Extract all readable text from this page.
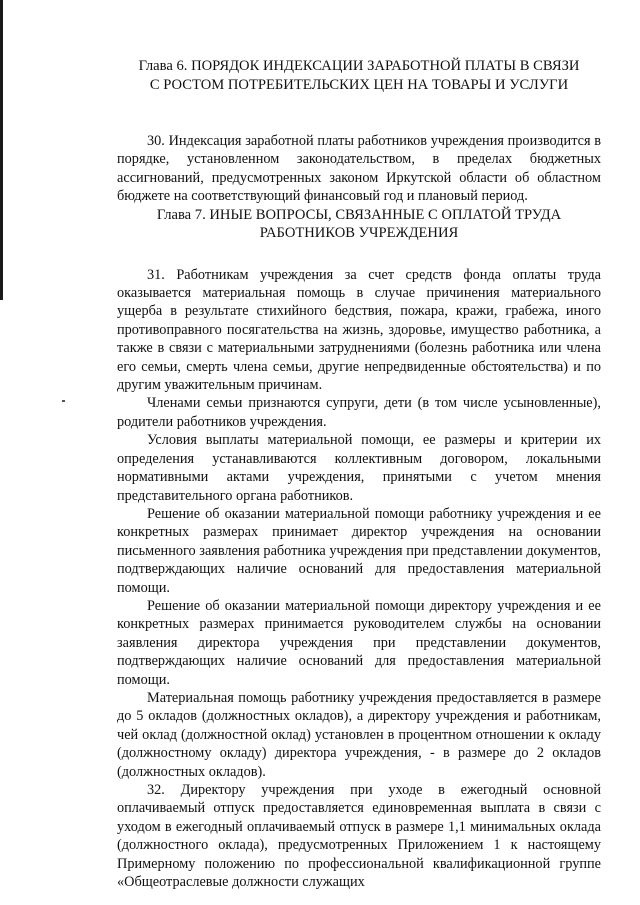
Глава 6. ПОРЯДОК ИНДЕКСАЦИИ ЗАРАБОТНОЙ ПЛАТЫ В СВЯЗИ
С РОСТОМ ПОТРЕБИТЕЛЬСКИХ ЦЕН НА ТОВАРЫ И УСЛУГИ

30. Индексация заработной платы работников учреждения производится в порядке, установленном законодательством, в пределах бюджетных ассигнований, предусмотренных законом Иркутской области об областном бюджете на соответствующий финансовый год и плановый период.

Глава 7. ИНЫЕ ВОПРОСЫ, СВЯЗАННЫЕ С ОПЛАТОЙ ТРУДА
РАБОТНИКОВ УЧРЕЖДЕНИЯ

31. Работникам учреждения за счет средств фонда оплаты труда оказывается материальная помощь в случае причинения материального ущерба в результате стихийного бедствия, пожара, кражи, грабежа, иного противоправного посягательства на жизнь, здоровье, имущество работника, а также в связи с материальными затруднениями (болезнь работника или члена его семьи, смерть члена семьи, другие непредвиденные обстоятельства) и по другим уважительным причинам.

Членами семьи признаются супруги, дети (в том числе усыновленные), родители работников учреждения.

Условия выплаты материальной помощи, ее размеры и критерии их определения устанавливаются коллективным договором, локальными нормативными актами учреждения, принятыми с учетом мнения представительного органа работников.

Решение об оказании материальной помощи работнику учреждения и ее конкретных размерах принимает директор учреждения на основании письменного заявления работника учреждения при представлении документов, подтверждающих наличие оснований для предоставления материальной помощи.

Решение об оказании материальной помощи директору учреждения и ее конкретных размерах принимается руководителем службы на основании заявления директора учреждения при представлении документов, подтверждающих наличие оснований для предоставления материальной помощи.

Материальная помощь работнику учреждения предоставляется в размере до 5 окладов (должностных окладов), а директору учреждения и работникам, чей оклад (должностной оклад) установлен в процентном отношении к окладу (должностному окладу) директора учреждения, - в размере до 2 окладов (должностных окладов).

32. Директору учреждения при уходе в ежегодный основной оплачиваемый отпуск предоставляется единовременная выплата в связи с уходом в ежегодный оплачиваемый отпуск в размере 1,1 минимальных оклада (должностного оклада), предусмотренных Приложением 1 к настоящему Примерному положению по профессиональной квалификационной группе «Общеотраслевые должности служащих
